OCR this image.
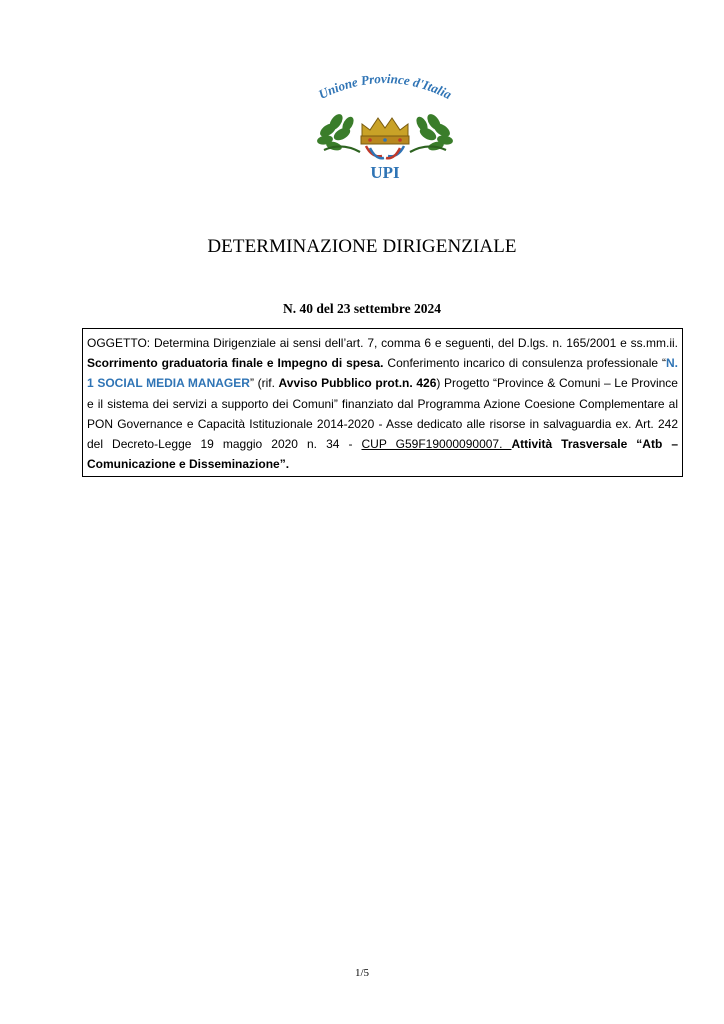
Unione Province d'Italia
UPI
DETERMINAZIONE DIRIGENZIALE
N. 40 del 23 settembre 2024

OGGETTO: Determina Dirigenziale ai sensi dell’art. 7, comma 6 e seguenti, del D.lgs. n. 165/2001 e ss.mm.ii. Scorrimento graduatoria finale e Impegno di spesa. Conferimento incarico di consulenza professionale “N. 1 SOCIAL MEDIA MANAGER” (rif. Avviso Pubblico prot.n. 426) Progetto “Province & Comuni – Le Province e il sistema dei servizi a supporto dei Comuni” finanziato dal Programma Azione Coesione Complementare al PON Governance e Capacità Istituzionale 2014-2020 - Asse dedicato alle risorse in salvaguardia ex. Art. 242 del Decreto-Legge 19 maggio 2020 n. 34 - CUP G59F19000090007. Attività Trasversale “Atb – Comunicazione e Disseminazione”.

1/5
